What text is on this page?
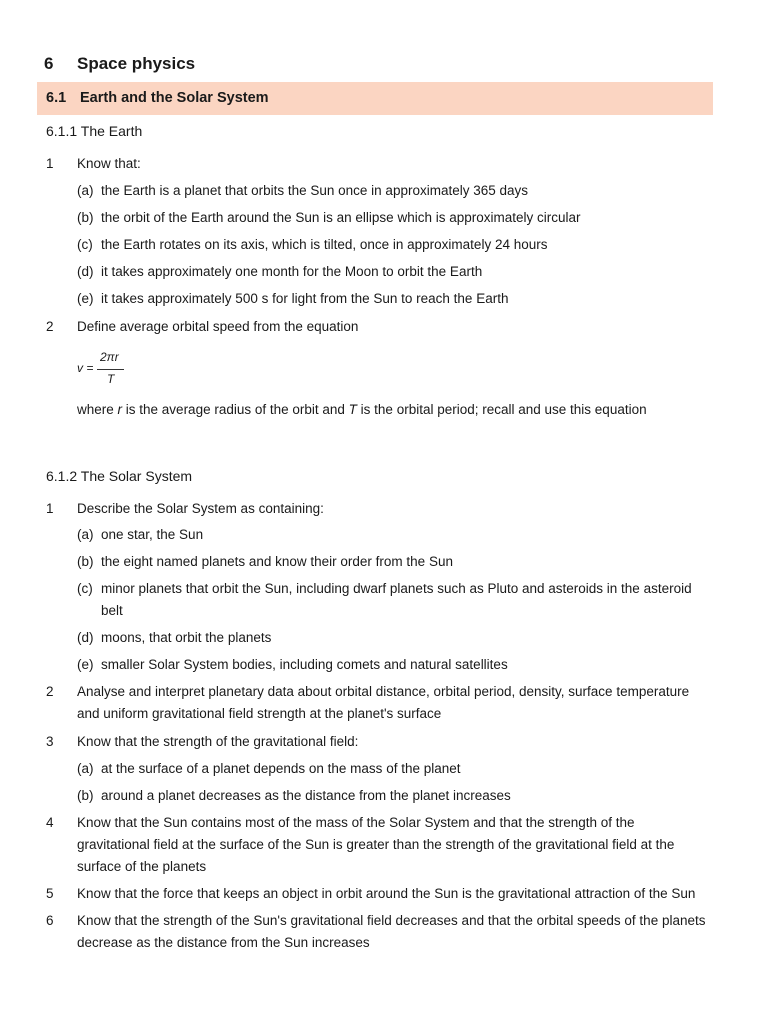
6 Space physics
6.1 Earth and the Solar System
6.1.1 The Earth
1 Know that:
(a) the Earth is a planet that orbits the Sun once in approximately 365 days
(b) the orbit of the Earth around the Sun is an ellipse which is approximately circular
(c) the Earth rotates on its axis, which is tilted, once in approximately 24 hours
(d) it takes approximately one month for the Moon to orbit the Earth
(e) it takes approximately 500 s for light from the Sun to reach the Earth
2 Define average orbital speed from the equation
v =
2πr
T
where r is the average radius of the orbit and T is the orbital period; recall and use this equation
6.1.2 The Solar System
1 Describe the Solar System as containing:
(a) one star, the Sun
(b) the eight named planets and know their order from the Sun
(c) minor planets that orbit the Sun, including dwarf planets such as Pluto and asteroids in the asteroid belt
(d) moons, that orbit the planets
(e) smaller Solar System bodies, including comets and natural satellites
2 Analyse and interpret planetary data about orbital distance, orbital period, density, surface temperature and uniform gravitational field strength at the planet's surface
3 Know that the strength of the gravitational field:
(a) at the surface of a planet depends on the mass of the planet
(b) around a planet decreases as the distance from the planet increases
4 Know that the Sun contains most of the mass of the Solar System and that the strength of the gravitational field at the surface of the Sun is greater than the strength of the gravitational field at the surface of the planets
5 Know that the force that keeps an object in orbit around the Sun is the gravitational attraction of the Sun
6 Know that the strength of the Sun's gravitational field decreases and that the orbital speeds of the planets decrease as the distance from the Sun increases
